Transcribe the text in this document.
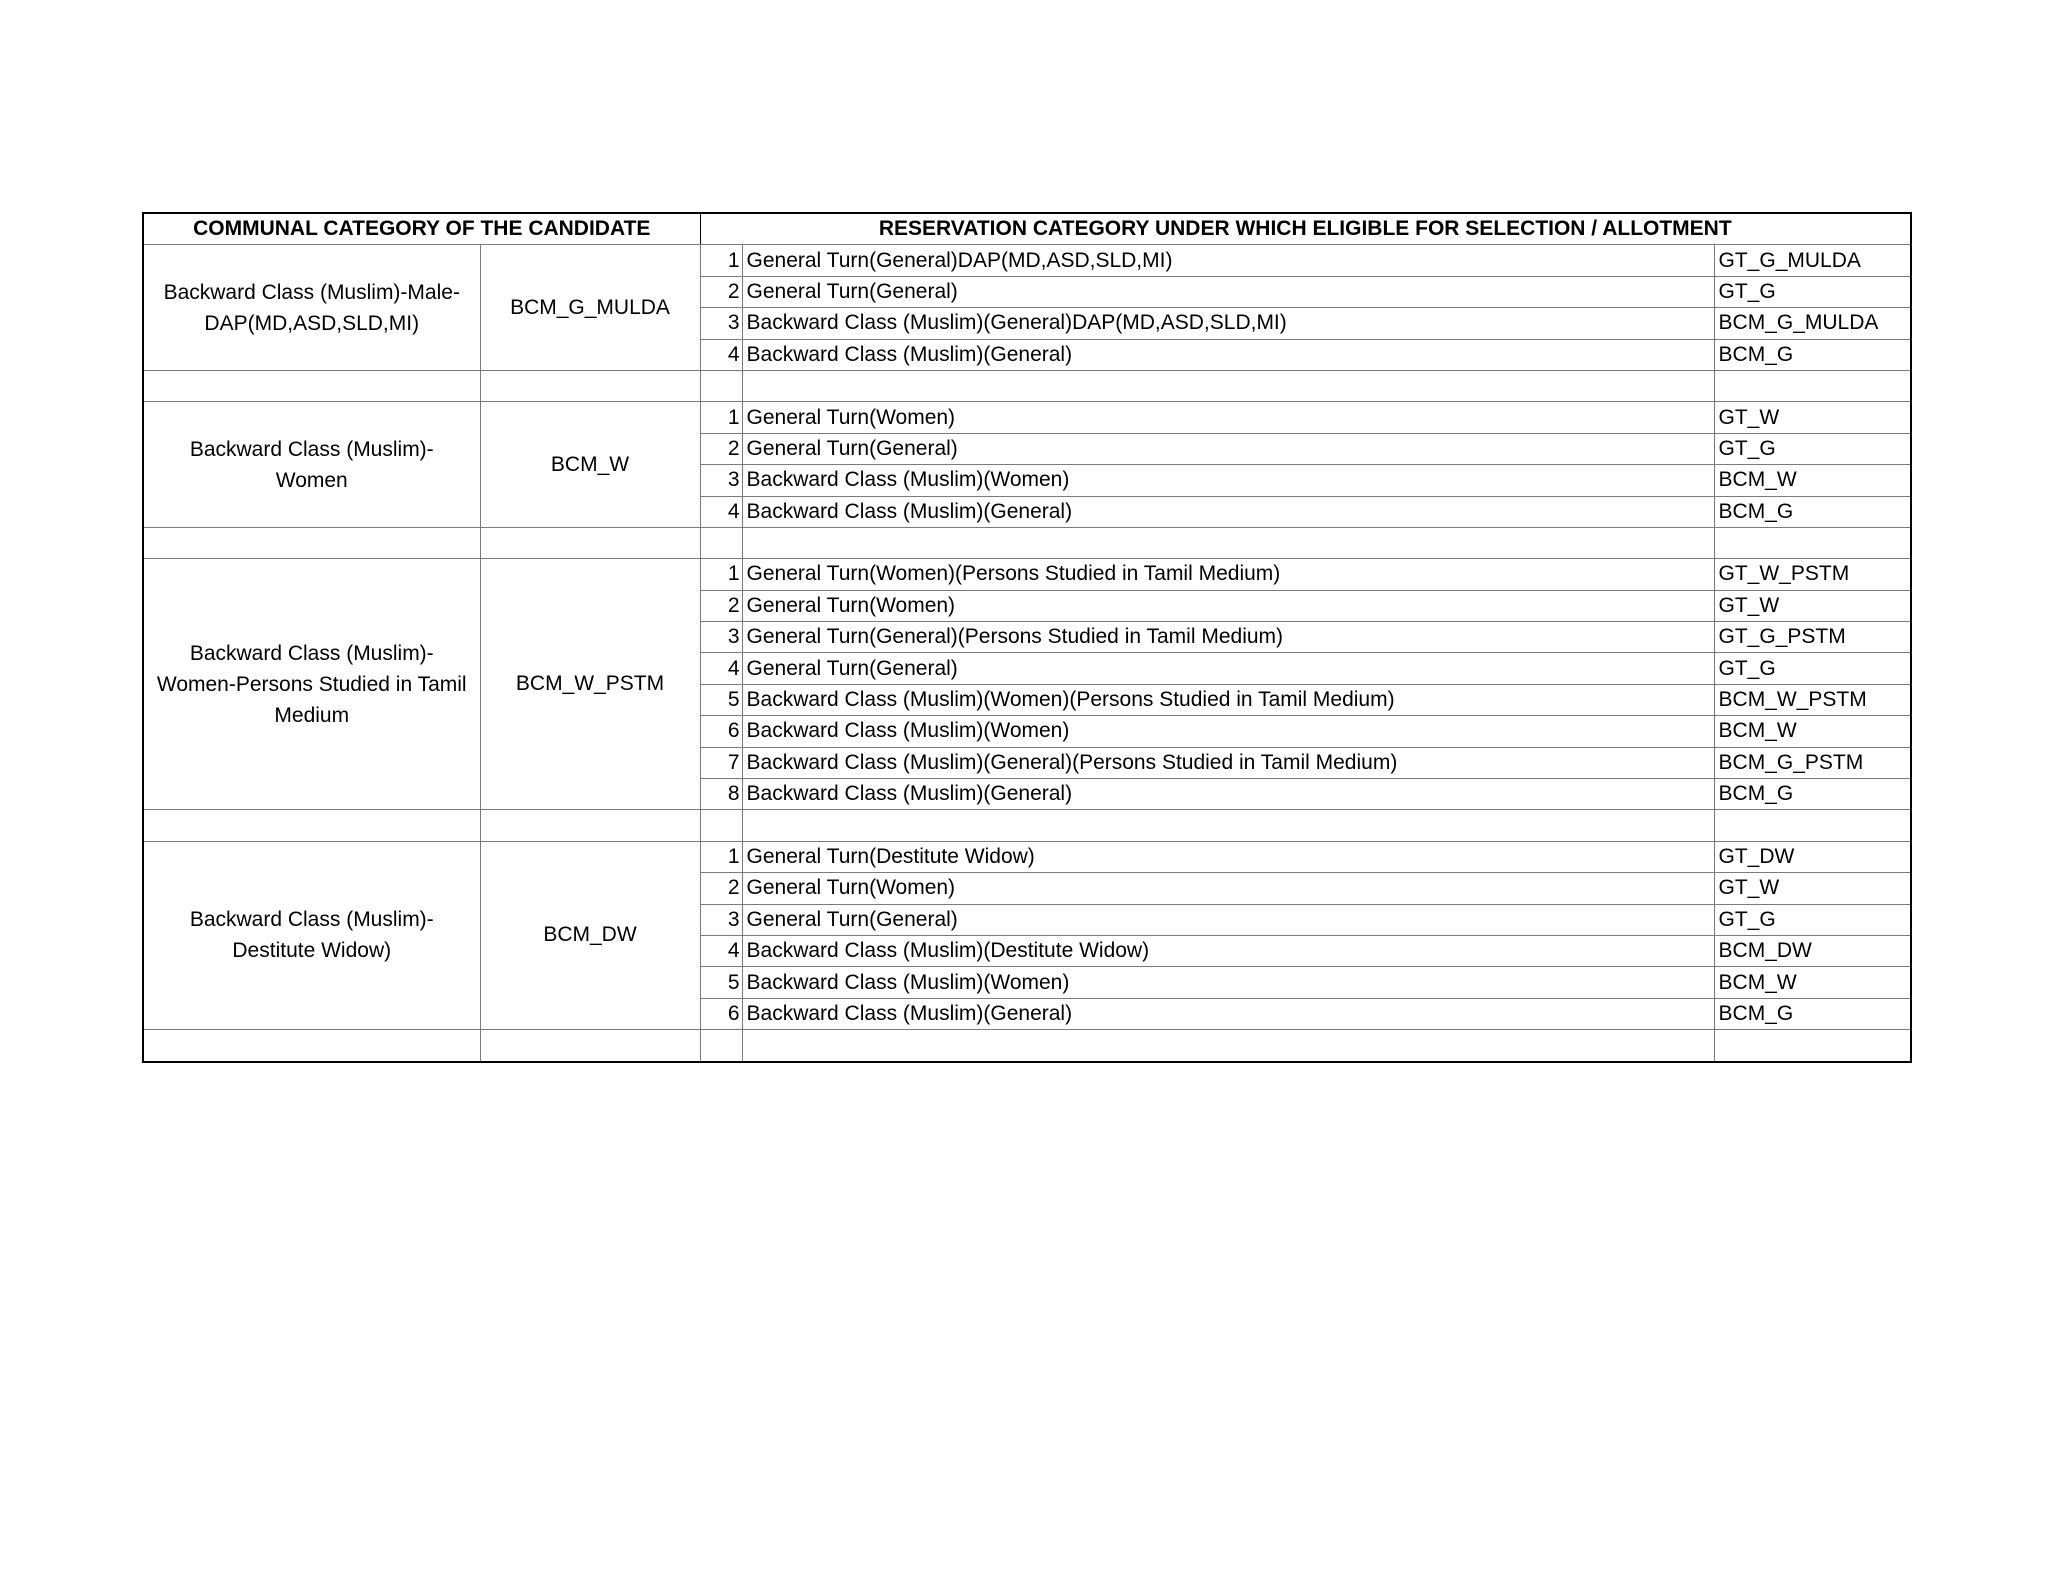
COMMUNAL CATEGORY OF THE CANDIDATE		RESERVATION CATEGORY UNDER WHICH ELIGIBLE FOR SELECTION / ALLOTMENT		
Backward Class (Muslim)-Male-DAP(MD,ASD,SLD,MI)	BCM_G_MULDA	1	General Turn(General)DAP(MD,ASD,SLD,MI)	GT_G_MULDA
		2	General Turn(General)	GT_G
		3	Backward Class (Muslim)(General)DAP(MD,ASD,SLD,MI)	BCM_G_MULDA
		4	Backward Class (Muslim)(General)	BCM_G

Backward Class (Muslim)-Women	BCM_W	1	General Turn(Women)	GT_W
		2	General Turn(General)	GT_G
		3	Backward Class (Muslim)(Women)	BCM_W
		4	Backward Class (Muslim)(General)	BCM_G

Backward Class (Muslim)-Women-Persons Studied in Tamil Medium	BCM_W_PSTM	1	General Turn(Women)(Persons Studied in Tamil Medium)	GT_W_PSTM
		2	General Turn(Women)	GT_W
		3	General Turn(General)(Persons Studied in Tamil Medium)	GT_G_PSTM
		4	General Turn(General)	GT_G
		5	Backward Class (Muslim)(Women)(Persons Studied in Tamil Medium)	BCM_W_PSTM
		6	Backward Class (Muslim)(Women)	BCM_W
		7	Backward Class (Muslim)(General)(Persons Studied in Tamil Medium)	BCM_G_PSTM
		8	Backward Class (Muslim)(General)	BCM_G

Backward Class (Muslim)-Destitute Widow)	BCM_DW	1	General Turn(Destitute Widow)	GT_DW
		2	General Turn(Women)	GT_W
		3	General Turn(General)	GT_G
		4	Backward Class (Muslim)(Destitute Widow)	BCM_DW
		5	Backward Class (Muslim)(Women)	BCM_W
		6	Backward Class (Muslim)(General)	BCM_G
